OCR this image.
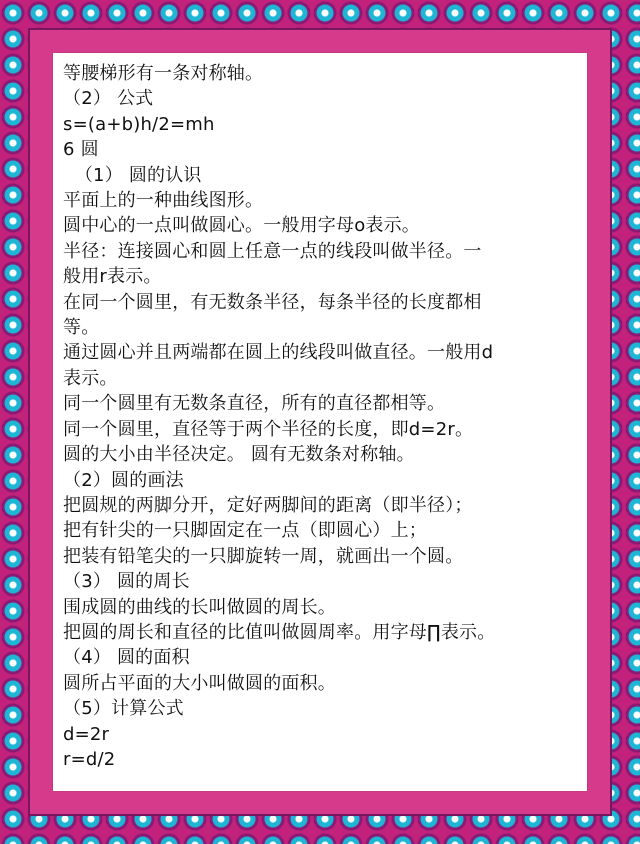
等腰梯形有一条对称轴。
（2） 公式
s=(a+b)h/2=mh
6 圆
（1） 圆的认识
平面上的一种曲线图形。
圆中心的一点叫做圆心。一般用字母o表示。
半径：连接圆心和圆上任意一点的线段叫做半径。一
般用r表示。
在同一个圆里，有无数条半径，每条半径的长度都相
等。
通过圆心并且两端都在圆上的线段叫做直径。一般用d
表示。
同一个圆里有无数条直径，所有的直径都相等。
同一个圆里，直径等于两个半径的长度，即d=2r。
圆的大小由半径决定。 圆有无数条对称轴。
（2）圆的画法
把圆规的两脚分开，定好两脚间的距离（即半径）；
把有针尖的一只脚固定在一点（即圆心）上；
把装有铅笔尖的一只脚旋转一周，就画出一个圆。
（3） 圆的周长
围成圆的曲线的长叫做圆的周长。
把圆的周长和直径的比值叫做圆周率。用字母∏表示。
（4） 圆的面积
圆所占平面的大小叫做圆的面积。
（5）计算公式
d=2r
r=d/2
